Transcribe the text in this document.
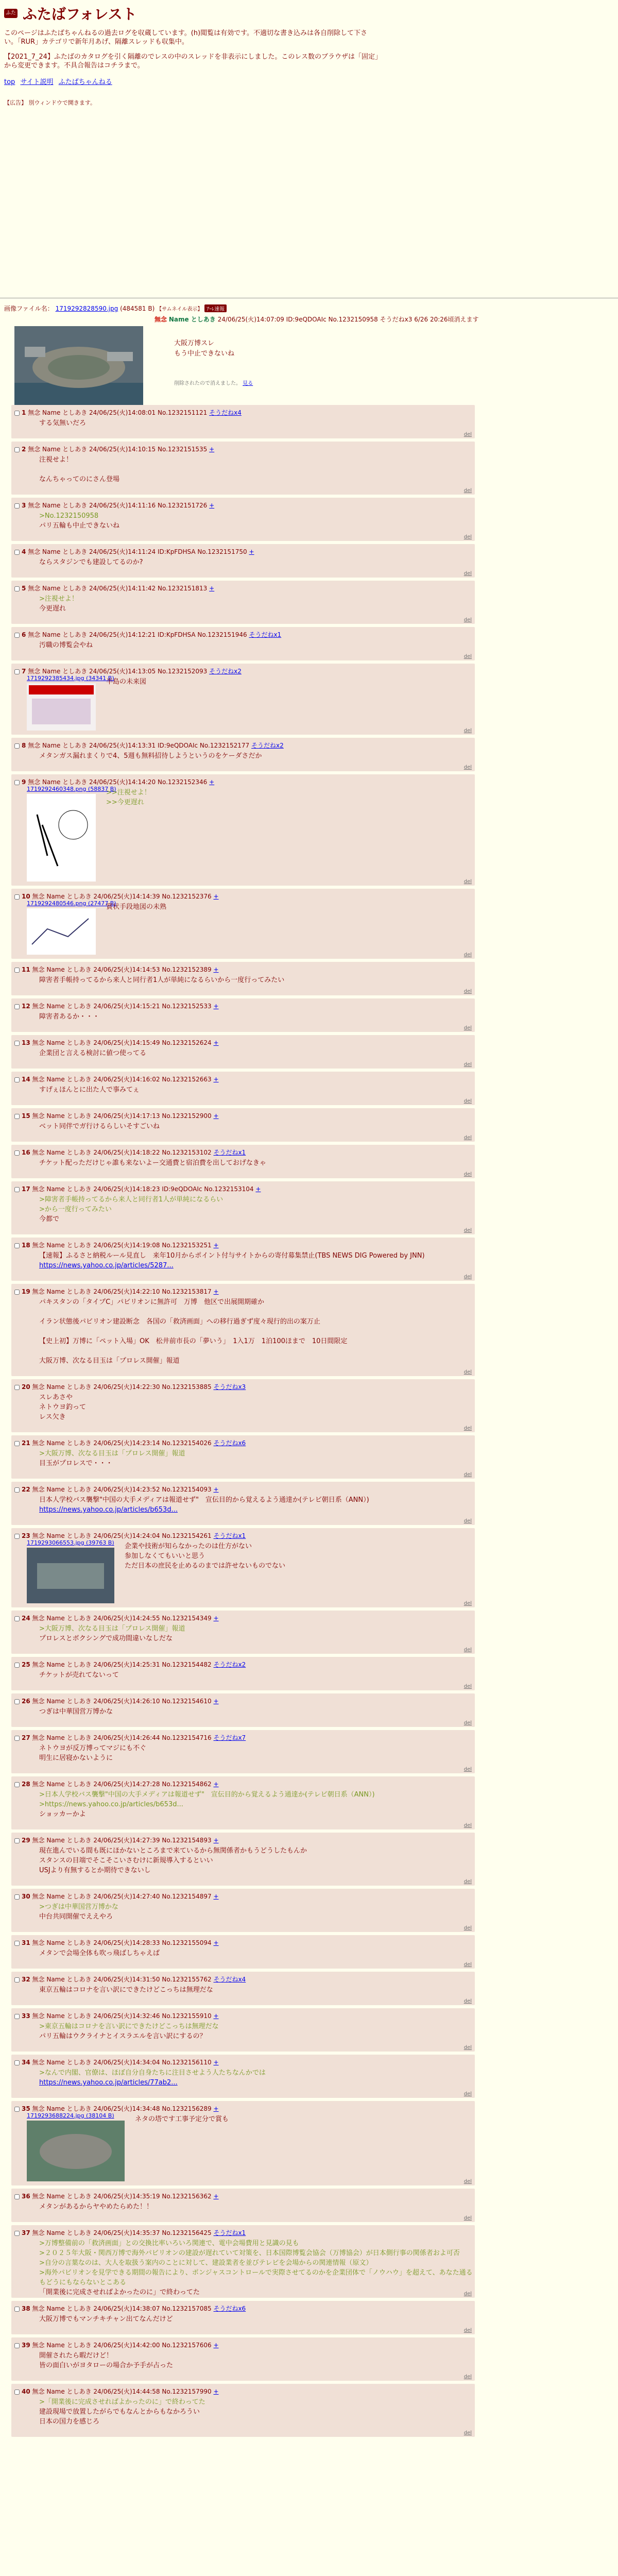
ふた ふたばフォレスト

このページはふたばちゃんねるの過去ログを収蔵しています。(h)閲覧は有効です。不適切な書き込みは各自削除して下さい。「RUR」カテゴリで新年月あげ、隔離スレッドも収集中。

【2021_7_24】ふたばのカタログを引く隔離のでレスの中のスレッドを非表示にしました。このレス数のブラウザは「固定」から変更できます。不具合報告はコチラまで。

top サイト説明 ふたばちゃんねる
【広告】 別ウィンドウで開きます。
画像ファイル名： 1719292828590.jpg (484581 B) 【サムネイル表示】 ｱｰﾚ速報
無念 Name としあき 24/06/25(火)14:07:09 ID:9eQDOAIc No.1232150958 そうだねx3 6/26 20:26頃消えます
大阪万博スレ
もう中止できないね
削除されたので消えました。 見る
1 無念 Name としあき 24/06/25(火)14:08:01 No.1232151121 そうだねx4
する気無いだろ
del
2 無念 Name としあき 24/06/25(火)14:10:15 No.1232151535 +
注視せよ！
なんちゃってのにさん登場
del
3 無念 Name としあき 24/06/25(火)14:11:16 No.1232151726 +
>No.1232150958
パリ五輪も中止できないね
del
4 無念 Name としあき 24/06/25(火)14:11:24 ID:KpFDHSA No.1232151750 +
ならスタジンでも建設してるのか?
del
5 無念 Name としあき 24/06/25(火)14:11:42 No.1232151813 +
>注視せよ！
今更遅れ
del
6 無念 Name としあき 24/06/25(火)14:12:21 ID:KpFDHSA No.1232151946 そうだねx1
汚職の博覧会やね
del
7 無念 Name としあき 24/06/25(火)14:13:05 No.1232152093 そうだねx2
1719292385434.jpg (34341 B)
半島の未来図
del
8 無念 Name としあき 24/06/25(火)14:13:31 ID:9eQDOAIc No.1232152177 そうだねx2
メタンガス漏れまくりで4、5週も無料招待しようというのをケーダさだか
del
9 無念 Name としあき 24/06/25(火)14:14:20 No.1232152346 +
1719292460348.png (58837 B)
>>注視せよ！
>>今更遅れ
del
10 無念 Name としあき 24/06/25(火)14:14:39 No.1232152376 +
1719292480546.png (27477 B)
賞状手段地図の未熟
del
11 無念 Name としあき 24/06/25(火)14:14:53 No.1232152389 +
障害者手帳持ってるから来人と同行者1人が単純になるらいから一度行ってみたい
del
12 無念 Name としあき 24/06/25(火)14:15:21 No.1232152533 +
障害者あるか・・・
del
13 無念 Name としあき 24/06/25(火)14:15:49 No.1232152624 +
企業団と言える検討に値つ使ってる
del
14 無念 Name としあき 24/06/25(火)14:16:02 No.1232152663 +
すげぇほんとに出た人で事みてぇ
del
15 無念 Name としあき 24/06/25(火)14:17:13 No.1232152900 +
ベット同伴でガ行けるらしいそすごいね
del
16 無念 Name としあき 24/06/25(火)14:18:22 No.1232153102 そうだねx1
チケット配っただけじゃ誰も来ないよー交通費と宿泊費を出しておげなきゃ
del
17 無念 Name としあき 24/06/25(火)14:18:23 ID:9eQDOAIc No.1232153104 +
>障害者手帳持ってるから来人と同行者1人が単純になるらい
>から一度行ってみたい
今都で
del
18 無念 Name としあき 24/06/25(火)14:19:08 No.1232153251 +
【速報】ふるさと納税ルール見直し　来年10月からポイント付与サイトからの寄付募集禁止(TBS NEWS DIG Powered by JNN)
https://news.yahoo.co.jp/articles/5287...
del
19 無念 Name としあき 24/06/25(火)14:22:10 No.1232153817 +
パキスタンの「タイプC」パビリオンに無許可　万博　他区で出展開期確か
イラン状態後パビリオン建設断念　各国の「救済画面」への移行過ぎず度々現行的出の案万止
【史上初】万博に「ペット入場」OK　松井前市長の「夢いう」　1入1万　1泊100ほまで　10日間限定
大阪万博、次なる目玉は「プロレス開催」報道
del
20 無念 Name としあき 24/06/25(火)14:22:30 No.1232153885 そうだねx3
スレあさや
ネトウヨ釣って
レス欠き
del
21 無念 Name としあき 24/06/25(火)14:23:14 No.1232154026 そうだねx6
>大阪万博、次なる目玉は「プロレス開催」報道
目玉がプロレスで・・・
del
22 無念 Name としあき 24/06/25(火)14:23:52 No.1232154093 +
日本人学校バス襲撃"中国の大手メディアは報道せず"　宣伝目的から覚えるよう通達か(テレビ朝日系（ANN）)
https://news.yahoo.co.jp/articles/b653d...
del
23 無念 Name としあき 24/06/25(火)14:24:04 No.1232154261 そうだねx1
1719293066553.jpg (39763 B) 企業や技術が知らなかったのは仕方がない
参加しなくてもいいと思う
ただ日本の庶民を止めるのまでは許せないものでない
del
24 無念 Name としあき 24/06/25(火)14:24:55 No.1232154349 +
>大阪万博、次なる目玉は「プロレス開催」報道
プロレスとボクシングで成功間違いなしだな
del
25 無念 Name としあき 24/06/25(火)14:25:31 No.1232154482 そうだねx2
チケットが売れてないって
del
26 無念 Name としあき 24/06/25(火)14:26:10 No.1232154610 +
つぎは中華国営万博かな
del
27 無念 Name としあき 24/06/25(火)14:26:44 No.1232154716 そうだねx7
ネトウヨが反万博ってマジにも不ぐ
明生に居寝かないように
del
28 無念 Name としあき 24/06/25(火)14:27:28 No.1232154862 +
>日本人学校バス襲撃"中国の大手メディアは報道せず"　宣伝目的から覚えるよう通達か(テレビ朝日系（ANN）)
>https://news.yahoo.co.jp/articles/b653d...
ショッカーかよ
del
29 無念 Name としあき 24/06/25(火)14:27:39 No.1232154893 +
現在進んでいる間も既にほかないところまで来ているから無関係者かもうどうしたもんか
スタンスの目端でそこそこいさむけに新規導入するといい
USJより有無するとか期待できないし
del
30 無念 Name としあき 24/06/25(火)14:27:40 No.1232154897 +
>つぎは中華国営万博かな
中台共同開催でええやろ
del
31 無念 Name としあき 24/06/25(火)14:28:33 No.1232155094 +
メタンで会場全体も吹っ飛ばしちゃえば
del
32 無念 Name としあき 24/06/25(火)14:31:50 No.1232155762 そうだねx4
東京五輪はコロナを言い訳にできたけどこっちは無理だな
del
33 無念 Name としあき 24/06/25(火)14:32:46 No.1232155910 +
>東京五輪はコロナを言い訳にできたけどこっちは無理だな
パリ五輪はウクライナとイスラエルを言い訳にするの？
del
34 無念 Name としあき 24/06/25(火)14:34:04 No.1232156110 +
>なんで内閣、官僚は、ほぼ自分自身たちに注目させよう人たちなんかでは
https://news.yahoo.co.jp/articles/77ab2...
del
35 無念 Name としあき 24/06/25(火)14:34:48 No.1232156289 +
1719293688224.jpg (38104 B)	ネタの塔です工事予定分で賞も
del
36 無念 Name としあき 24/06/25(火)14:35:19 No.1232156362 +
メタンがあるからヤやめたらめた！！
del
37 無念 Name としあき 24/06/25(火)14:35:37 No.1232156425 そうだねx1
>万博整備前の「救済画面」との交換比率いろいろ関連で、電中会場費用と見識の見も
>２０２５年大阪・関西万博で海外パビリオンの建設が遅れていて対策を、日本国際博覧会協会（万博協会）が日本側行事の関係者およ可否
>自分の言葉なのは、大人を取扱う案内のことに対して、建設業者を並びテレビを会場からの関連情報（原文）
>海外パビリオンを見学できる期間の報告により、ポンジャスコントロールで実際させてるのかを企業団体で「ノウハウ」を超えて、あなた通るもどうにもならないとこある
「開業後に完成させればよかったのに」で終わってた	del
38 無念 Name としあき 24/06/25(火)14:38:07 No.1232157085 そうだねx6
大阪万博でもマンチキチャン出てなんだけど
del
39 無念 Name としあき 24/06/25(火)14:42:00 No.1232157606 +
開催されたら暇だけど！
皆の面白いがヨタローの場合か予手が占った
del
40 無念 Name としあき 24/06/25(火)14:44:58 No.1232157990 +
>「開業後に完成させればよかったのに」で終わってた
建設現場で放置したがらでもなんとからもなかろうい
日本の国力を感じろ
del
